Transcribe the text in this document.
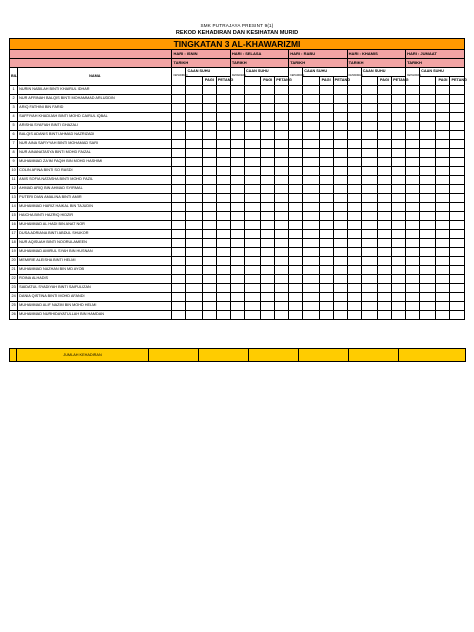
SMK PUTRAJAYA PRESINT 9(1)
REKOD KEHADIRAN DAN KESIHATAN MURID
TINGKATAN 3 AL-KHAWARIZMI																					
		HARI : ISNIN				HARI : SELASA				HARI : RABU				HARI : KHAMIS				HARI : JUMAAT			
		TARIKH				TARIKH				TARIKH				TARIKH				TARIKH			
BIL	NAMA	KEHADIRAN	CAAN SUHU			KEHADIRAN	CAAN SUHU			KEHADIRAN	CAAN SUHU			KEHADIRAN	CAAN SUHU			KEHADIRAN	CAAN SUHU		
				PAGI	PETANG			PAGI	PETANG			PAGI	PETANG			PAGI	PETANG			PAGI	PETANG
1	NURIN NABILAH BINTI KHAIRUL IDHAR																				
2	NUR AFRINAH BALQIS BINTI MOHAMMAD ARLUDDIN																				
3	ARIQ FATHINI BIN FARID																				
4	SAFFIYAH KHADIJAH BINTI MOHD CAIRUL IQBAL																				
5	ARISHA SYAFIAH BINTI GHAZALI																				
6	BALQIS ADANIS BINTI AHMAD NAZRIZADI																				
7	NUR AINA SAFIYYAH BINTI MOHAMAD SARI																				
8	NUR AINANATASYA BINTI MOHD FAIZAL																				
9	MUHAMMAD ZA'IM FAQIH BIN MOHD HASHIMI																				
10	COLIN AFINA BINTI SO RASDI																				
11	ANIS SOFIA NATASHA BINTI MOHD FAZIL																				
12	AHMAD ARIQ BIN AHMAD SYIRMAL																				
13	PUTERI DIAN AMALINA BINTI AMIR																				
14	MUHAMMAD HARIZ HAIKAL BIN TAJUDIN																				
15	HAICHA BINTI HAZRIQ HIDZIR																				
16	MUHAMMAD AL HADI BIN ANAT NOR																				
17	DUSA ADRIANA BINTI ABDUL SHUKOR																				
18	NUR AQISUAH BINTI NOORULAMEEN																				
19	MUHAMMAD AMIRUL SYAH BIN HUSNAN																				
20	MEMIRIE ALEISHA BINTI HELMI																				
21	MUHAMMAD NAZHAN BIN MD AYOB																				
22	ROINA ALHADIS																				
23	SAIDATUL SYADIYAH BINTI SAIFULIZAN																				
24	DANIA QISTINA BINTI MOHD AFANDI																				
25	MUHAMMAD ALIF NAZIM BIN MOHD HELMI																				
26	MUHAMMAD NURHIDAYATULLAH BIN HAMDAN																				
	JUMLAH KEHADIRAN						
